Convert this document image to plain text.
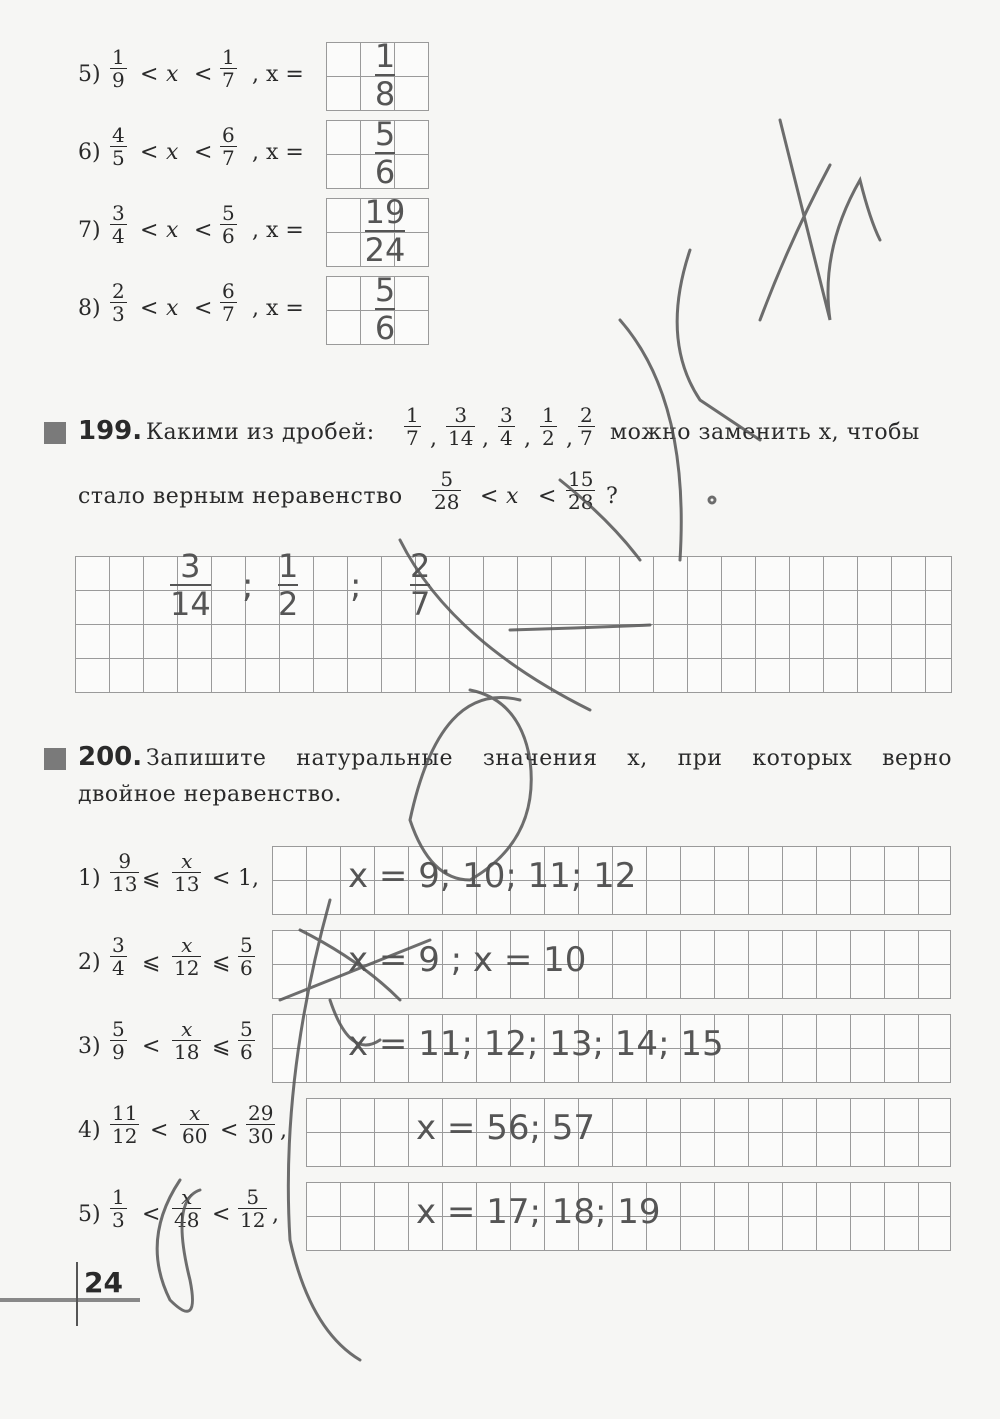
$5) \frac{1}{9} < x < \frac{1}{7}$ , $x = \frac{1}{8}$
$6) \frac{4}{5} < x < \frac{6}{7}$ , $x = \frac{5}{6}$
$7) \frac{3}{4} < x < \frac{5}{6}$ , $x = \frac{19}{24}$
$8) \frac{2}{3} < x < \frac{6}{7}$ , $x = \frac{5}{6}$
199. Какими из дробей: $\frac{1}{7}$ , $\frac{3}{14}$ , $\frac{3}{4}$ , $\frac{1}{2}$ , $\frac{2}{7}$ можно заменить x, чтобы
стало верным неравенство $\frac{5}{28} < x < \frac{15}{28}$ ?
$\frac{3}{14}$ ; $\frac{1}{2}$ ; $\frac{2}{7}$
200. Запишите натуральные значения x, при которых верно
двойное неравенство.
$1) \frac{9}{13}$ ⩽ $\frac{x}{13} < 1$,	x = 9; 10; 11; 12
$2) \frac{3}{4}$ ⩽ $\frac{x}{12}$ ⩽ $\frac{5}{6}$	x = 9 ; x = 10
$3) \frac{5}{9} < \frac{x}{18}$ ⩽ $\frac{5}{6}$	x = 11; 12; 13; 14; 15
$4) \frac{11}{12} < \frac{x}{60} < \frac{29}{30}$ ,	x = 56; 57
$5) \frac{1}{3} < \frac{x}{48} < \frac{5}{12}$ ,	x = 17; 18; 19
24
